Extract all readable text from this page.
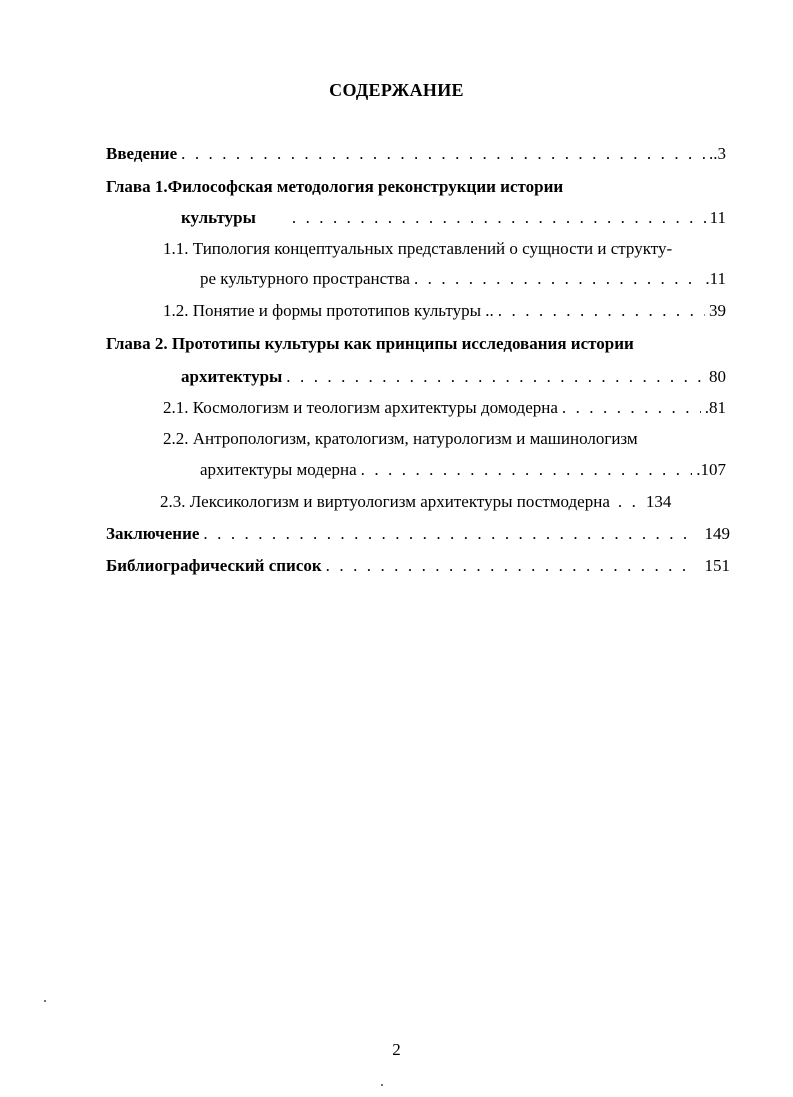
СОДЕРЖАНИЕ
Введение . . .	..3
Глава 1.Философская методология реконструкции истории
культуры . . .	11
1.1. Типология концептуальных представлений о сущности и структу-
ре культурного пространства . . .	.11
1.2. Понятие и формы прототипов культуры .. . . .	39
Глава 2. Прототипы культуры как принципы исследования истории
архитектуры . . .	80
2.1. Космологизм и теологизм архитектуры домодерна . . .	.81
2.2. Антропологизм, кратологизм, натурологизм и машинологизм
архитектуры модерна . . .	.107
2.3. Лексикологизм и виртуологизм архитектуры постмодерна . . . 134
Заключение . . .	149
Библиографический список . . .	151
2
